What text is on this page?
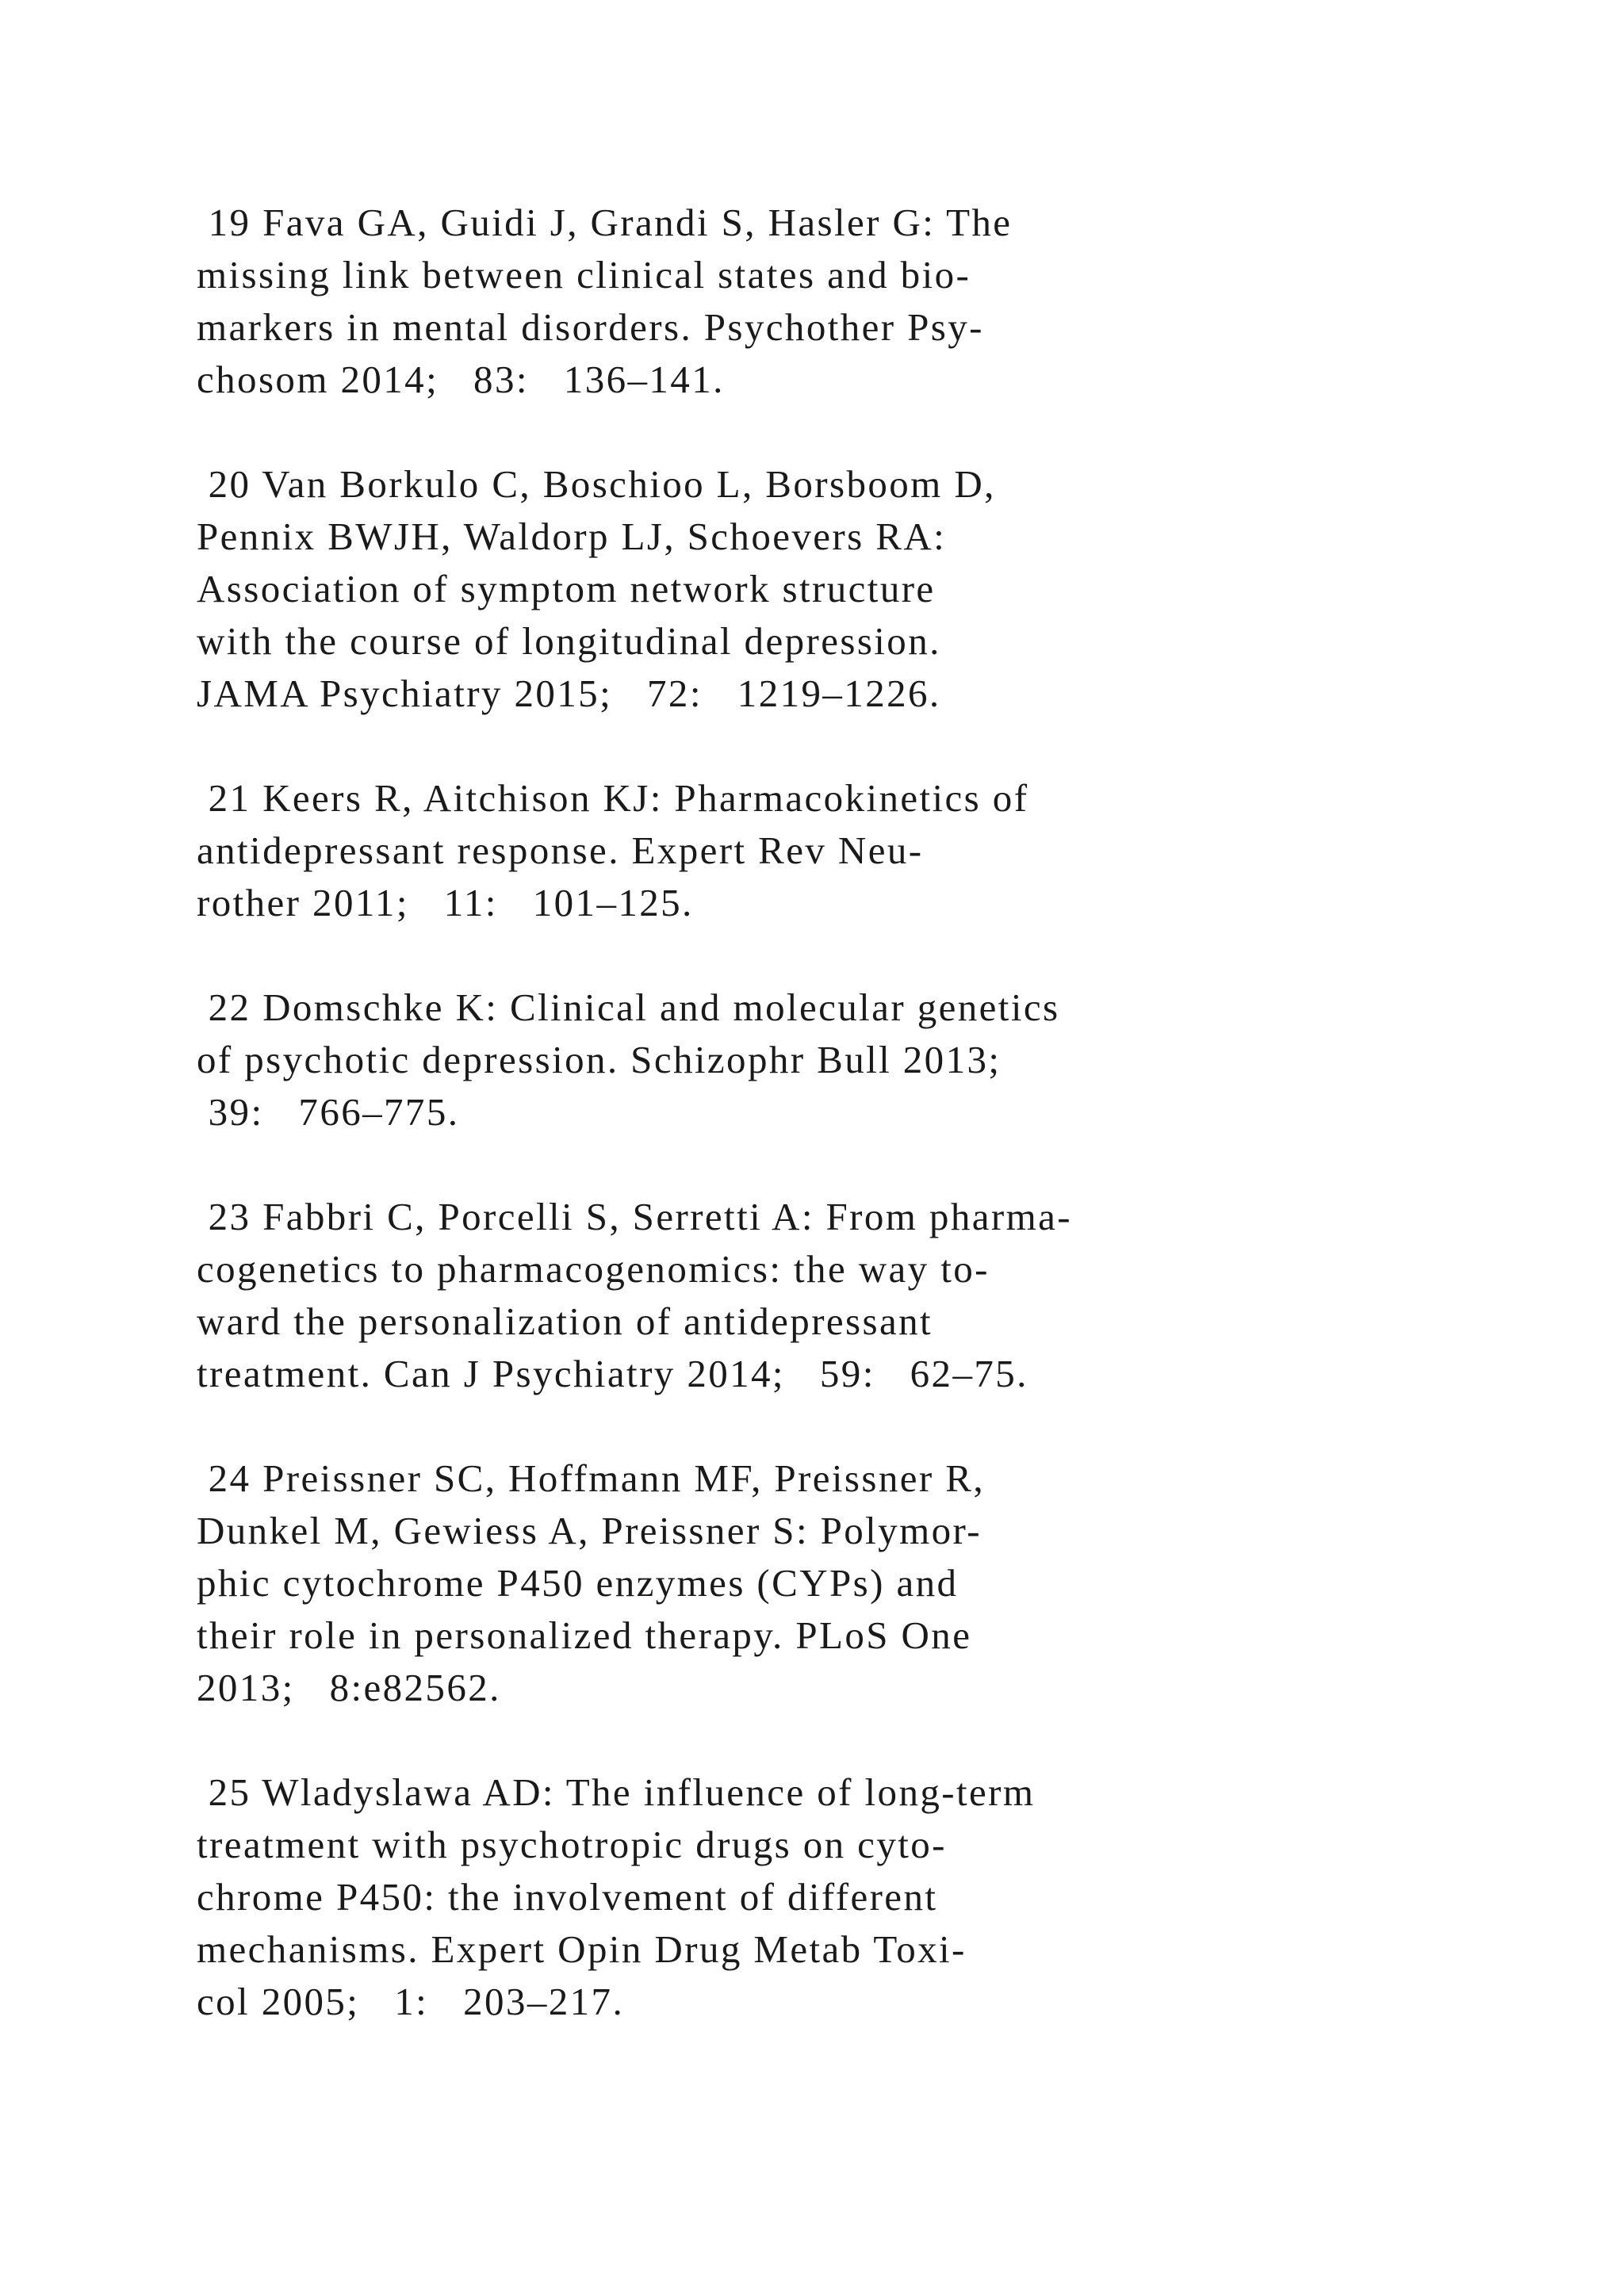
19 Fava GA, Guidi J, Grandi S, Hasler G: The
missing link between clinical states and bio-
markers in mental disorders. Psychother Psy-
chosom 2014;   83:   136–141.
20 Van Borkulo C, Boschioo L, Borsboom D,
Pennix BWJH, Waldorp LJ, Schoevers RA:
Association of symptom network structure
with the course of longitudinal depression.
JAMA Psychiatry 2015;   72:   1219–1226.
21 Keers R, Aitchison KJ: Pharmacokinetics of
antidepressant response. Expert Rev Neu-
rother 2011;   11:   101–125.
22 Domschke K: Clinical and molecular genetics
of psychotic depression. Schizophr Bull 2013;
39:   766–775.
23 Fabbri C, Porcelli S, Serretti A: From pharma-
cogenetics to pharmacogenomics: the way to-
ward the personalization of antidepressant
treatment. Can J Psychiatry 2014;   59:   62–75.
24 Preissner SC, Hoffmann MF, Preissner R,
Dunkel M, Gewiess A, Preissner S: Polymor-
phic cytochrome P450 enzymes (CYPs) and
their role in personalized therapy. PLoS One
2013;   8:e82562.
25 Wladyslawa AD: The influence of long-term
treatment with psychotropic drugs on cyto-
chrome P450: the involvement of different
mechanisms. Expert Opin Drug Metab Toxi-
col 2005;   1:   203–217.
